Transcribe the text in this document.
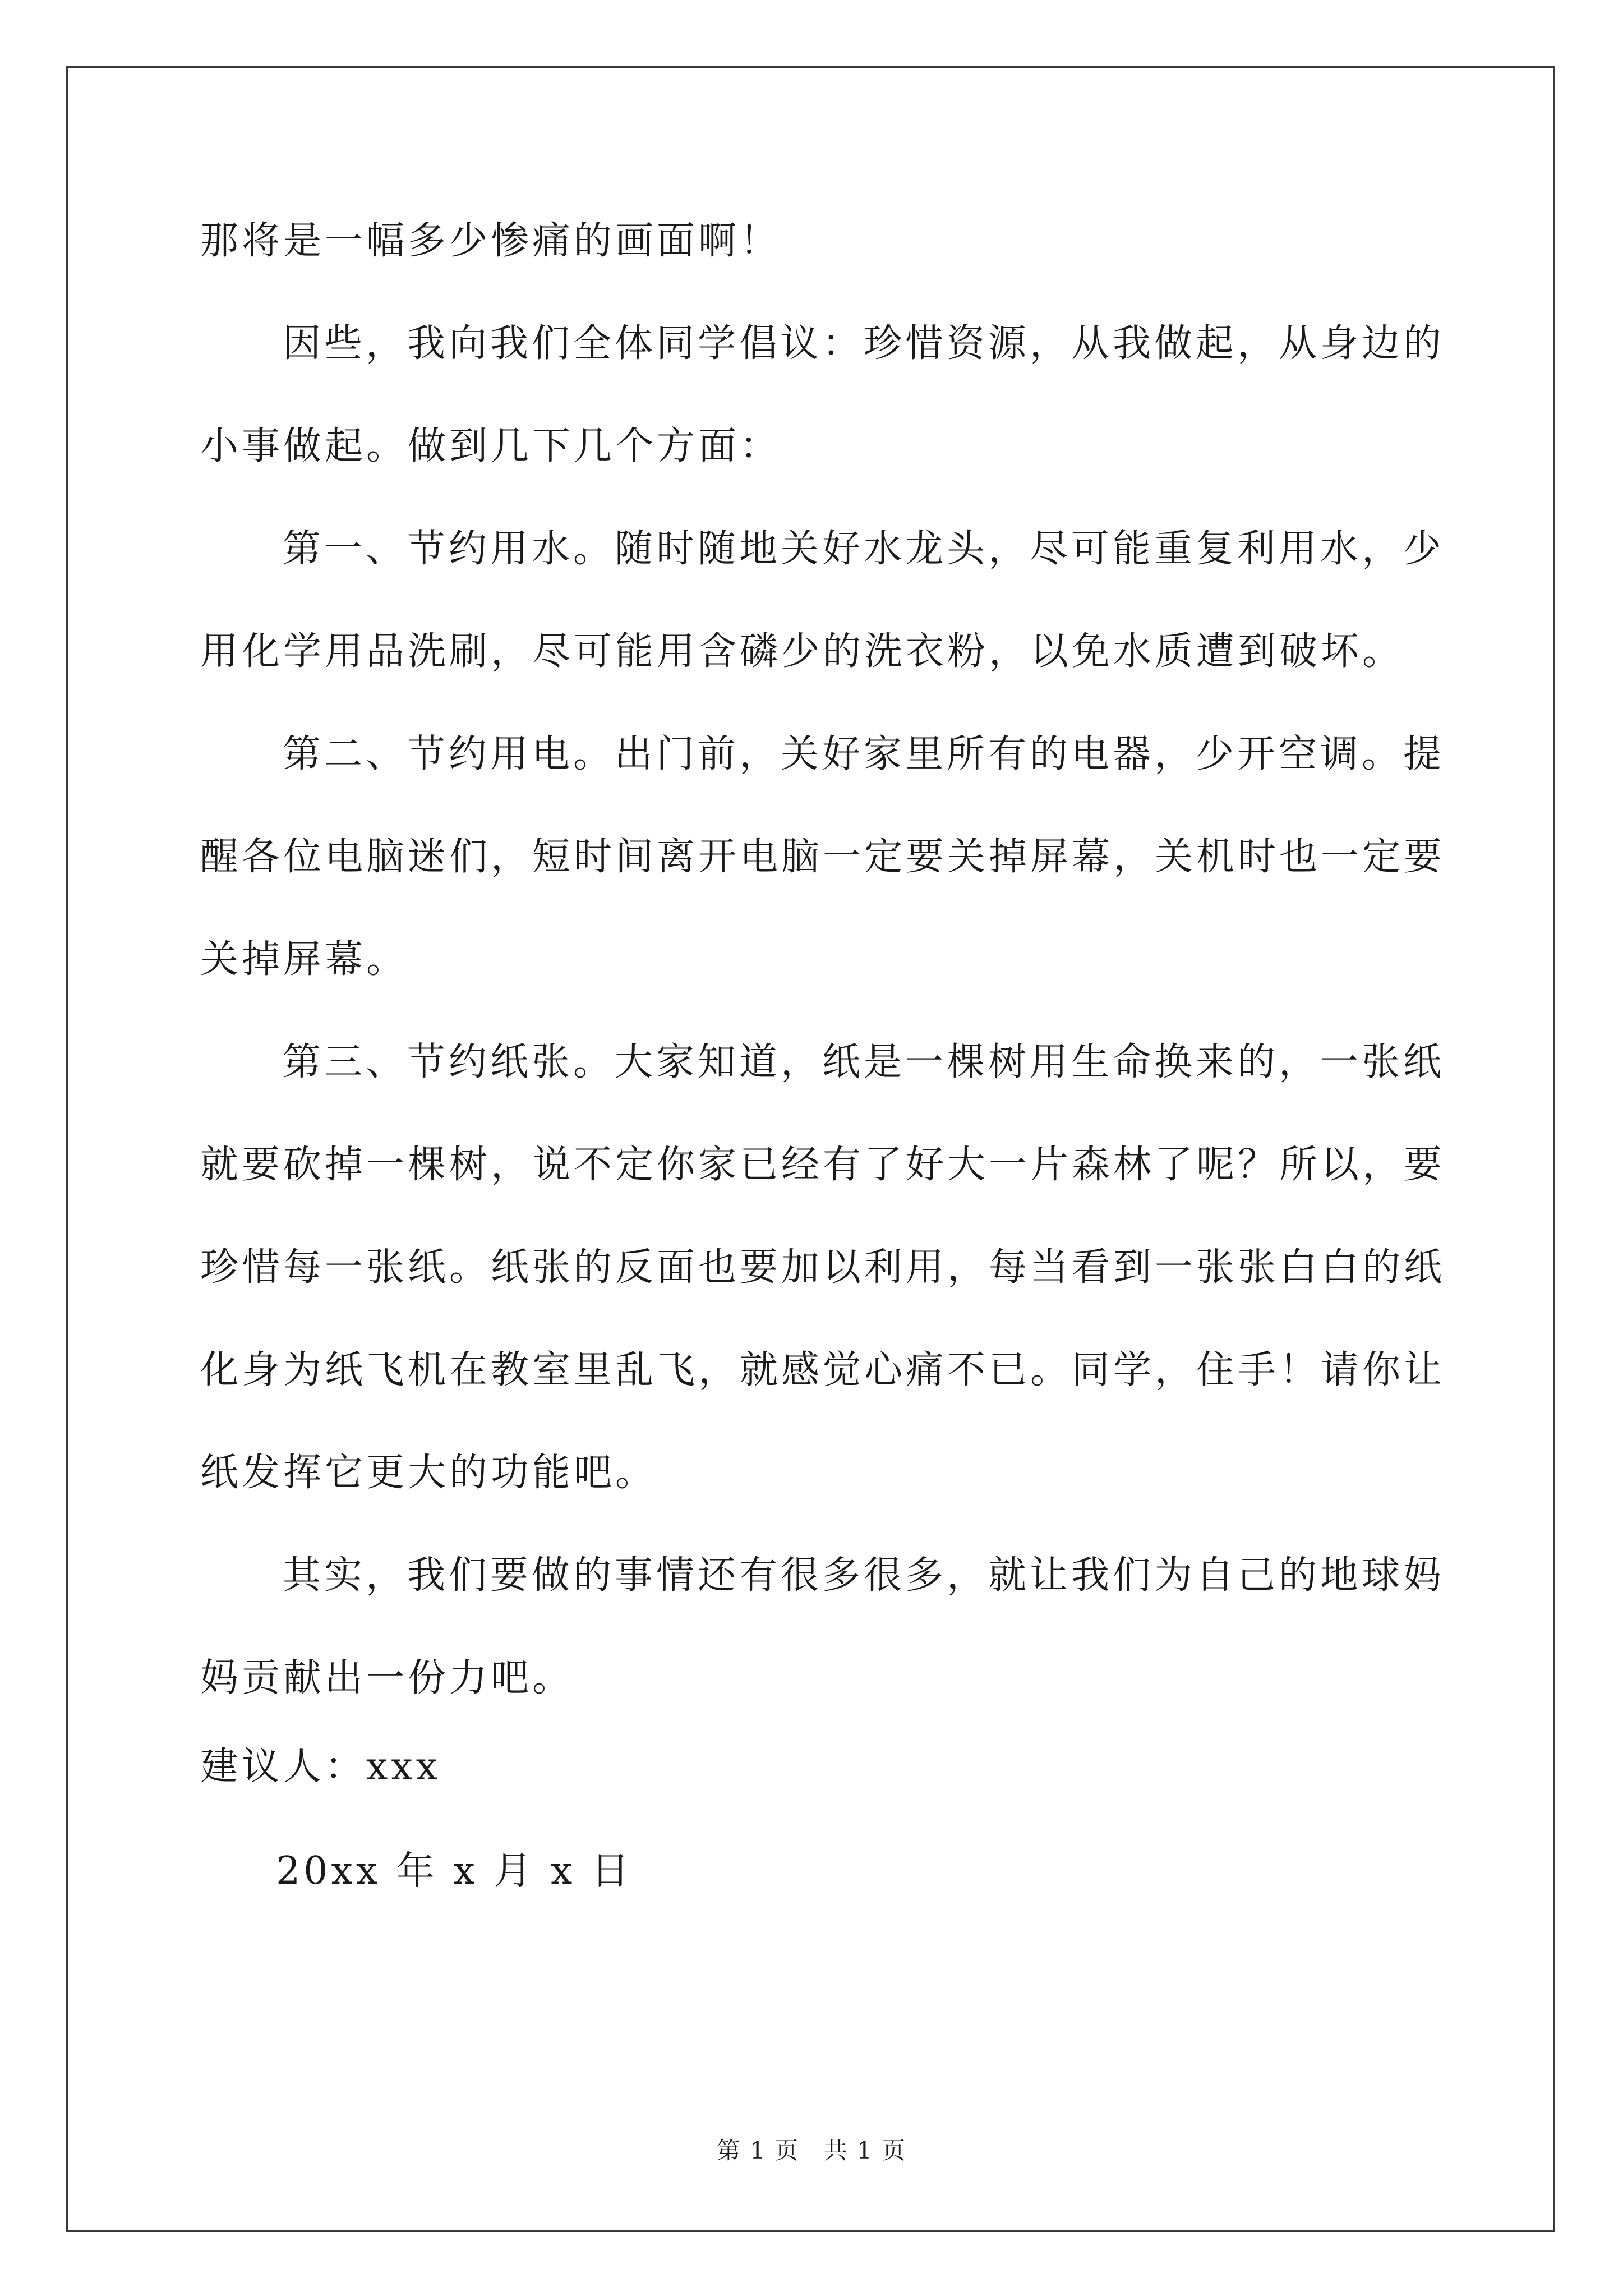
那将是一幅多少惨痛的画面啊！
因些，我向我们全体同学倡议：珍惜资源，从我做起，从身边的
小事做起。做到几下几个方面：
第一、节约用水。随时随地关好水龙头，尽可能重复利用水，少
用化学用品洗刷，尽可能用含磷少的洗衣粉，以免水质遭到破坏。
第二、节约用电。出门前，关好家里所有的电器，少开空调。提
醒各位电脑迷们，短时间离开电脑一定要关掉屏幕，关机时也一定要
关掉屏幕。
第三、节约纸张。大家知道，纸是一棵树用生命换来的，一张纸
就要砍掉一棵树，说不定你家已经有了好大一片森林了呢？所以，要
珍惜每一张纸。纸张的反面也要加以利用，每当看到一张张白白的纸
化身为纸飞机在教室里乱飞，就感觉心痛不已。同学，住手！请你让
纸发挥它更大的功能吧。
其实，我们要做的事情还有很多很多，就让我们为自己的地球妈
妈贡献出一份力吧。
建议人：xxx
20xx 年 x 月 x 日
第 1 页 共 1 页
